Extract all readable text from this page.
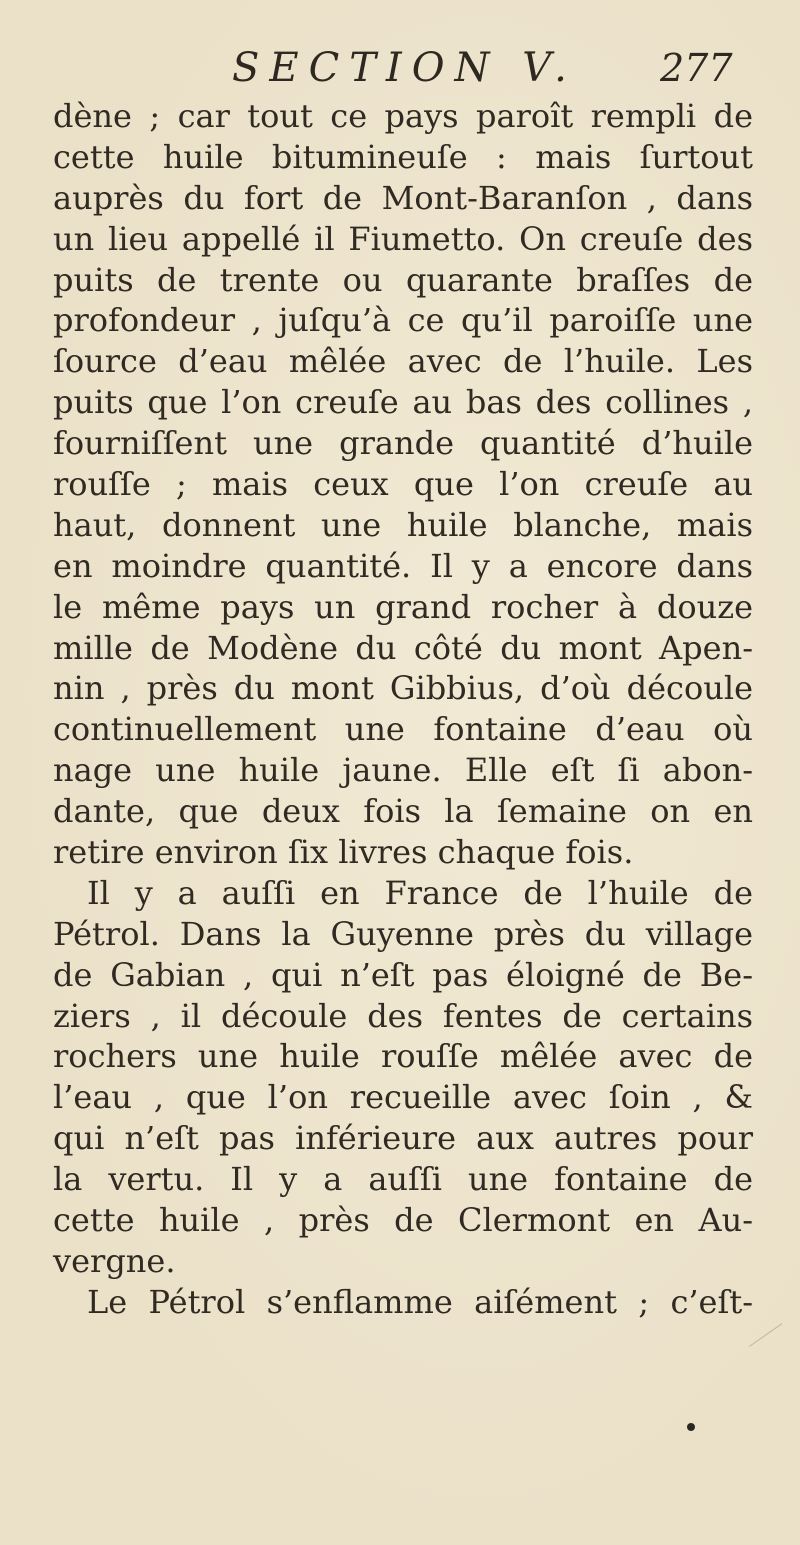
SECTION V. 277
dène ; car tout ce pays paroît rempli de
cette huile bitumineuſe : mais ſurtout
auprès du fort de Mont-Baranſon , dans
un lieu appellé il Fiumetto. On creuſe des
puits de trente ou quarante braſſes de
profondeur , juſqu’à ce qu’il paroiſſe une
ſource d’eau mêlée avec de l’huile. Les
puits que l’on creuſe au bas des collines ,
fourniſſent une grande quantité d’huile
rouſſe ; mais ceux que l’on creuſe au
haut, donnent une huile blanche, mais
en moindre quantité. Il y a encore dans
le même pays un grand rocher à douze
mille de Modène du côté du mont Apen-
nin , près du mont Gibbius, d’où découle
continuellement une fontaine d’eau où
nage une huile jaune. Elle eſt ſi abon-
dante, que deux fois la ſemaine on en
retire environ ſix livres chaque fois.
Il y a auſſi en France de l’huile de
Pétrol. Dans la Guyenne près du village
de Gabian , qui n’eſt pas éloigné de Be-
ziers , il découle des fentes de certains
rochers une huile rouſſe mêlée avec de
l’eau , que l’on recueille avec ſoin , &
qui n’eſt pas inférieure aux autres pour
la vertu. Il y a auſſi une fontaine de
cette huile , près de Clermont en Au-
vergne.
Le Pétrol s’enflamme aiſément ; c’eſt-
